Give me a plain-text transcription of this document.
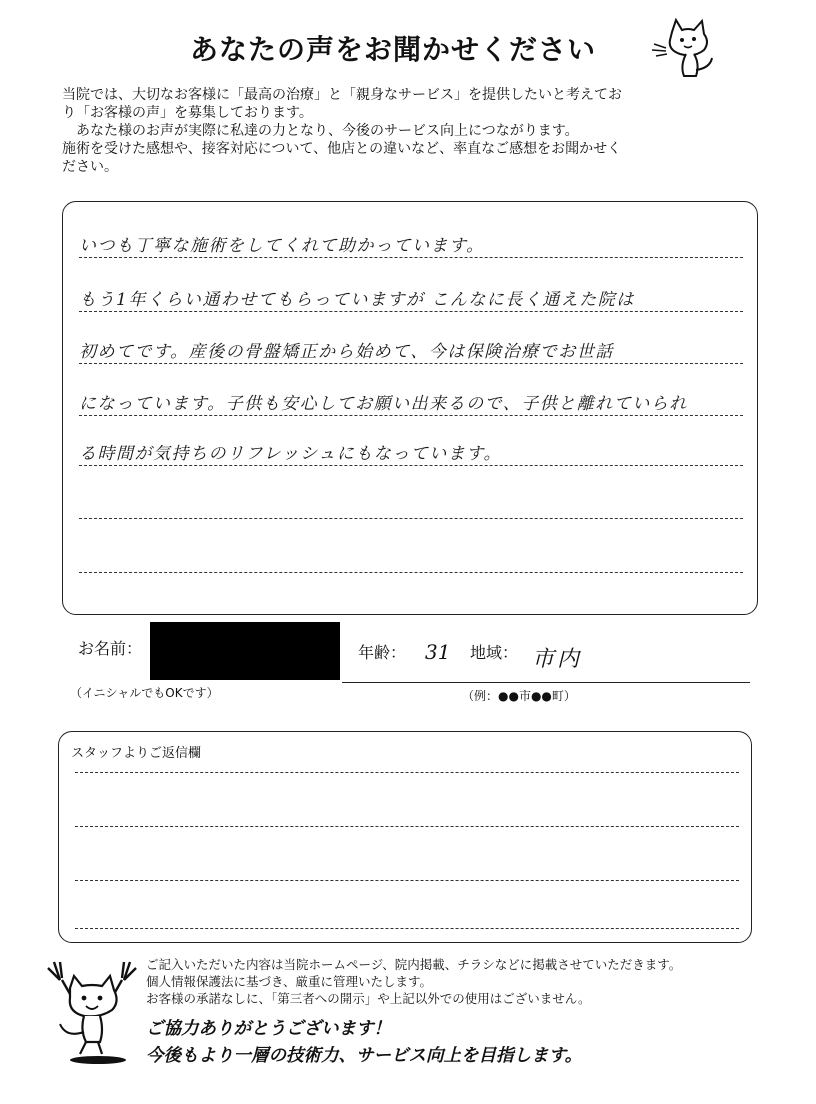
あなたの声をお聞かせください

当院では、大切なお客様に「最高の治療」と「親身なサービス」を提供したいと考えてお

り「お客様の声」を募集しております。

あなた様のお声が実際に私達の力となり、今後のサービス向上につながります。

施術を受けた感想や、接客対応について、他店との違いなど、率直なご感想をお聞かせく

ださい。

いつも丁寧な施術をしてくれて助かっています。
もう1年くらい通わせてもらっていますが こんなに長く通えた院は
初めてです。産後の骨盤矯正から始めて、今は保険治療でお世話
になっています。子供も安心してお願い出来るので、子供と離れていられ
る時間が気持ちのリフレッシュにもなっています。
お名前：	年齢： 31 地域： 市内
（イニシャルでもOKです）	（例：●●市●●町）
スタッフよりご返信欄

ご記入いただいた内容は当院ホームページ、院内掲載、チラシなどに掲載させていただきます。

個人情報保護法に基づき、厳重に管理いたします。

お客様の承諾なしに、「第三者への開示」や上記以外での使用はございません。

ご協力ありがとうございます！

今後もより一層の技術力、サービス向上を目指します。
